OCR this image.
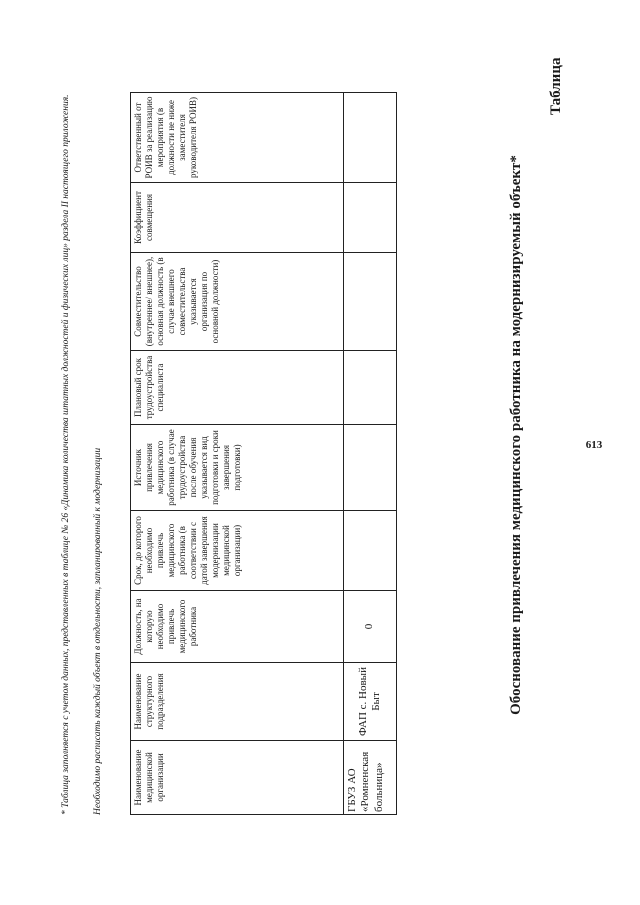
Таблица
Обоснование привлечения медицинского работника на модернизируемый объект*
Наименование медицинской организации	Наименование структурного подразделения	Должность, на которую необходимо привлечь медицинского работника	Срок, до которого необходимо привлечь медицинского работника (в соответствии с датой завершения модернизации медицинской организации)	Источник привлечения медицинского работника (в случае трудоустройства после обучения указывается вид подготовки и сроки завершения подготовки)	Плановый срок трудоустройства специалиста	Совместительство (внутреннее/ внешнее), основная должность (в случае внешнего совместительства указывается организация по основной должности)	Коэффициент совмещения	Ответственный от РОИВ за реализацию мероприятия (в должности не ниже заместителя руководителя РОИВ)
ГБУЗ АО «Ромненская больница»	ФАП с. Новый Быт	0						
Необходимо расписать каждый объект в отдельности, запланированный к модернизации
* Таблица заполняется с учетом данных, представленных в таблице № 26 «Динамика количества штатных должностей и физических лиц» раздела II настоящего приложения.	613
